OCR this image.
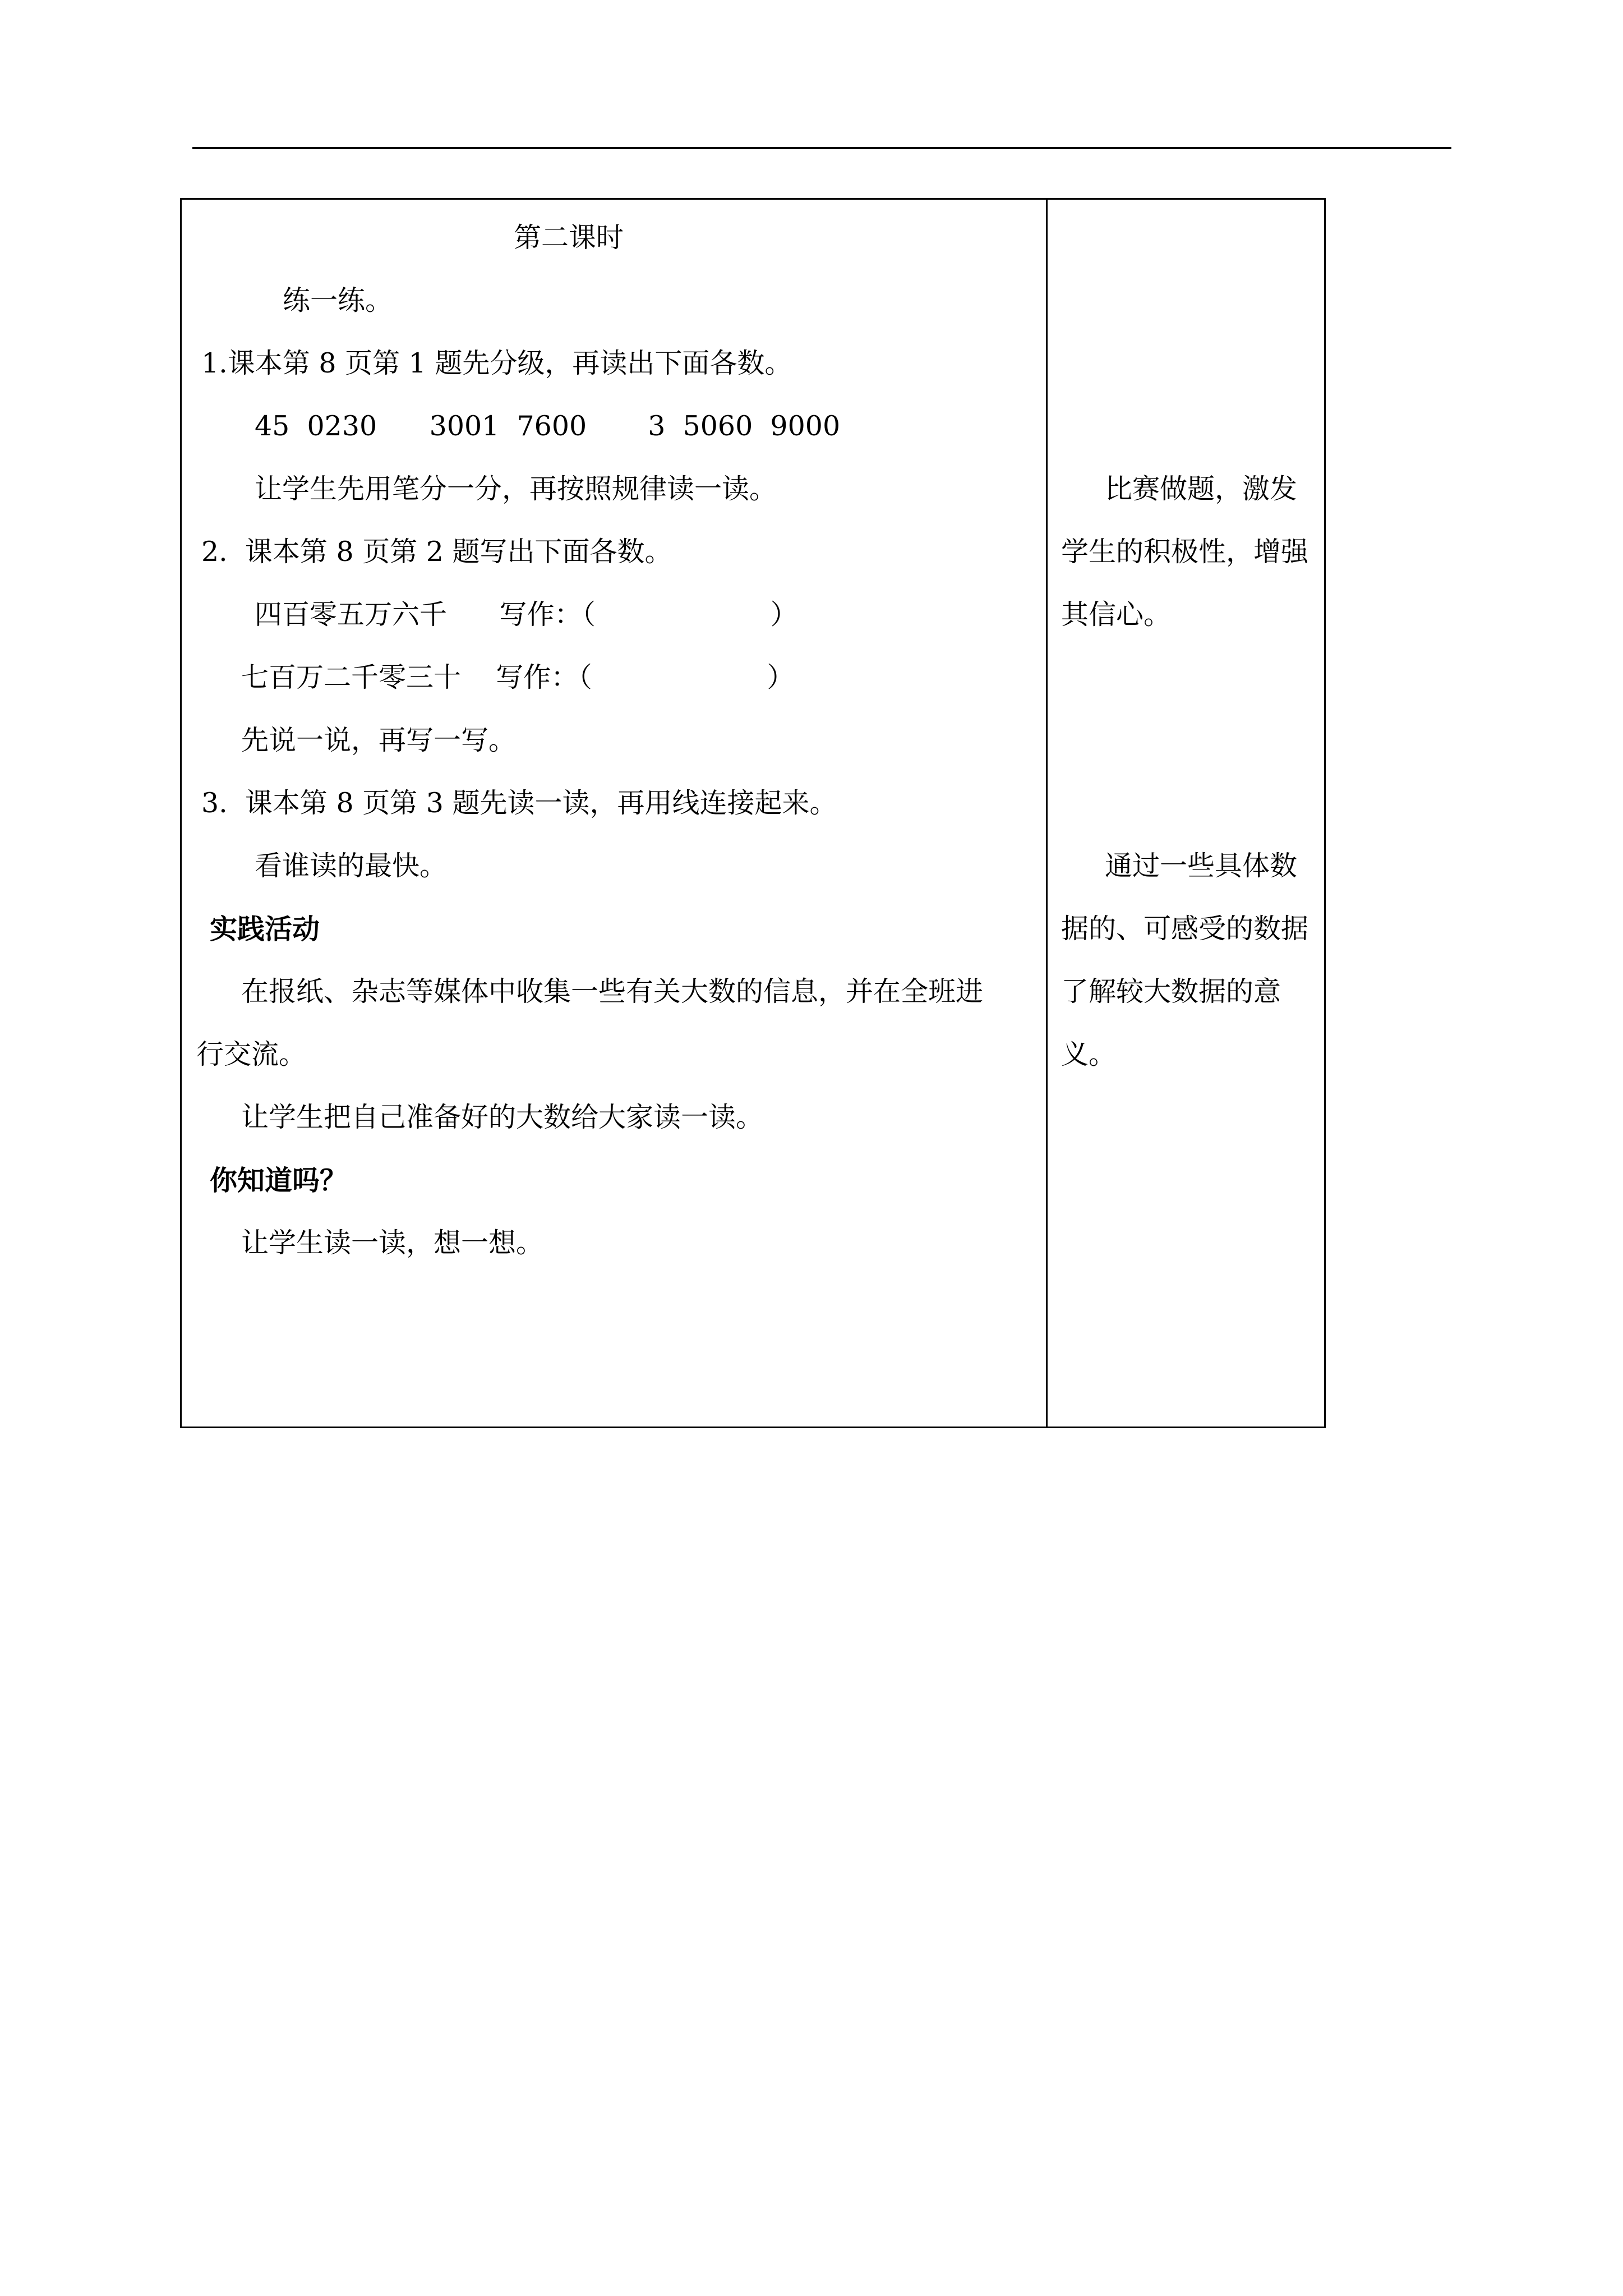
第二课时
练一练。
1.课本第 8 页第 1 题先分级，再读出下面各数。
45  0230      3001  7600       3  5060  9000
让学生先用笔分一分，再按照规律读一读。
2.  课本第 8 页第 2 题写出下面各数。
四百零五万六千      写作：（                    ）
七百万二千零三十    写作：（                    ）
先说一说，再写一写。
3.  课本第 8 页第 3 题先读一读，再用线连接起来。
看谁读的最快。
实践活动
在报纸、杂志等媒体中收集一些有关大数的信息，并在全班进
行交流。
让学生把自己准备好的大数给大家读一读。
你知道吗？
让学生读一读，想一想。
比赛做题，激发
学生的积极性，增强
其信心。
通过一些具体数
据的、可感受的数据
了解较大数据的意
义。
